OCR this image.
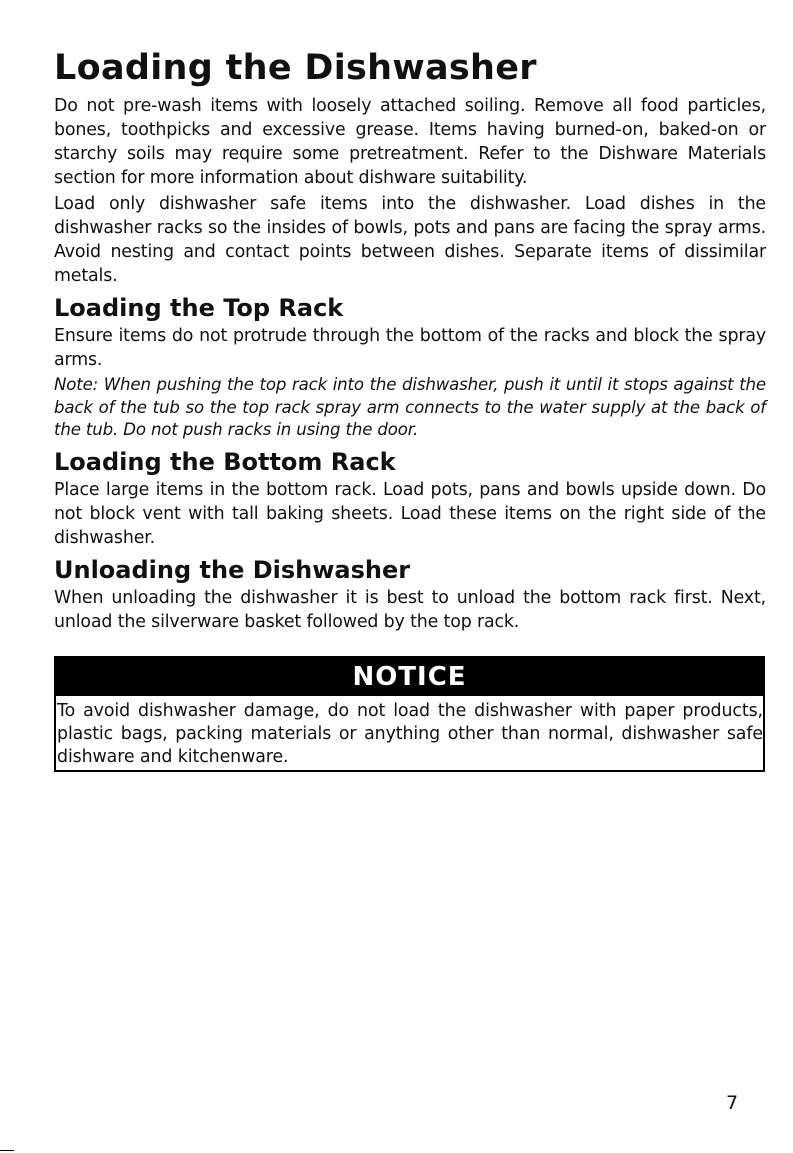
Loading the Dishwasher

Do not pre-wash items with loosely attached soiling. Remove all food particles, bones, toothpicks and excessive grease. Items having burned-on, baked-on or starchy soils may require some pretreatment. Refer to the Dishware Materials section for more information about dishware suitability.

Load only dishwasher safe items into the dishwasher. Load dishes in the dishwasher racks so the insides of bowls, pots and pans are facing the spray arms. Avoid nesting and contact points between dishes. Separate items of dissimilar metals.

Loading the Top Rack

Ensure items do not protrude through the bottom of the racks and block the spray arms.

Note: When pushing the top rack into the dishwasher, push it until it stops against the back of the tub so the top rack spray arm connects to the water supply at the back of the tub. Do not push racks in using the door.

Loading the Bottom Rack

Place large items in the bottom rack. Load pots, pans and bowls upside down. Do not block vent with tall baking sheets. Load these items on the right side of the dishwasher.

Unloading the Dishwasher

When unloading the dishwasher it is best to unload the bottom rack first. Next, unload the silverware basket followed by the top rack.

NOTICE
To avoid dishwasher damage, do not load the dishwasher with paper products, plastic bags, packing materials or anything other than normal, dishwasher safe dishware and kitchenware.
7
